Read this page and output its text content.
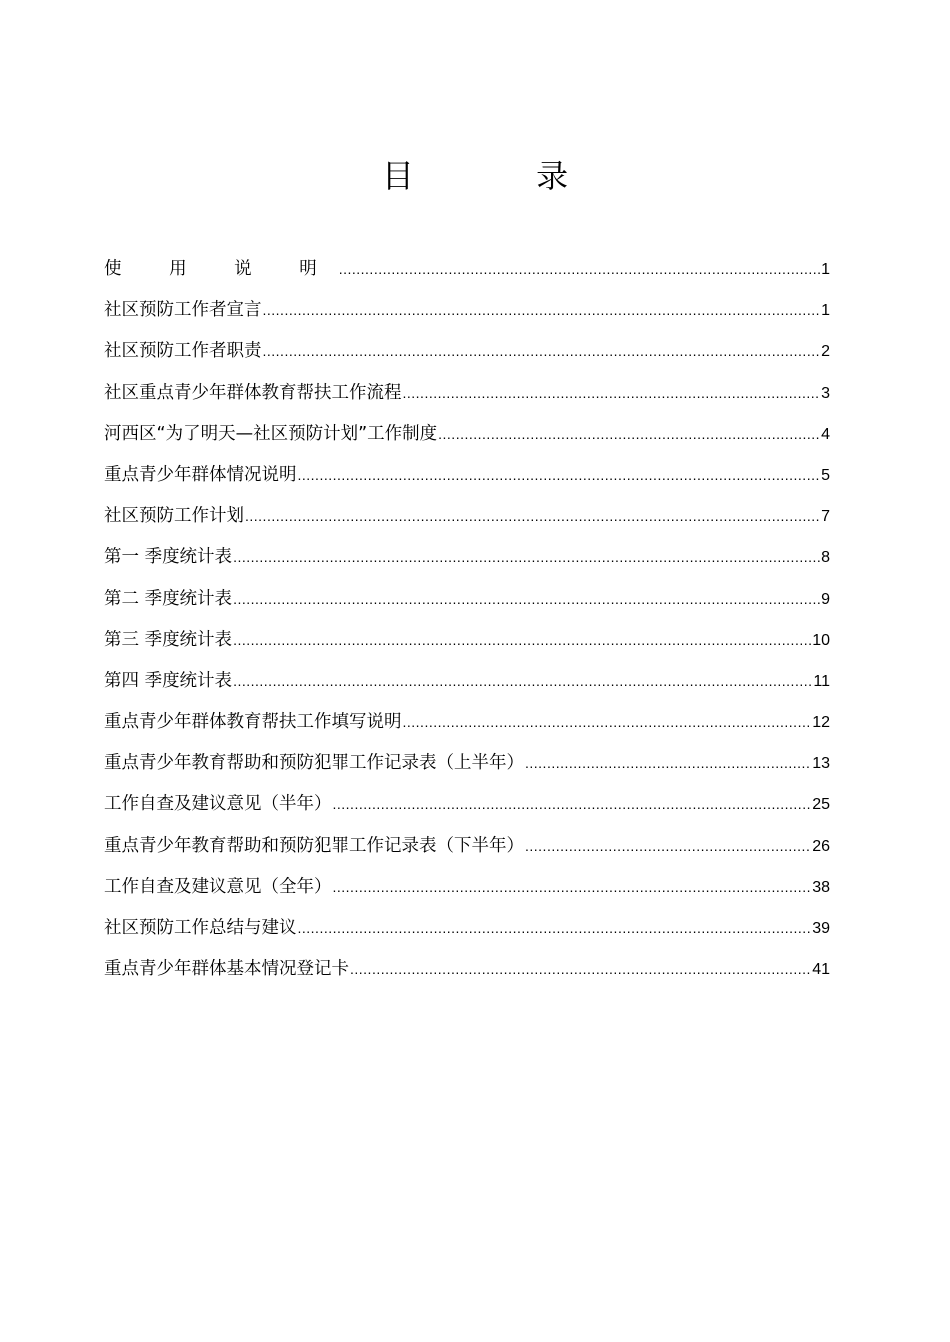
目 录
使 用 说 明 .....	1
社区预防工作者宣言 .....	1
社区预防工作者职责 .....	2
社区重点青少年群体教育帮扶工作流程 .....	3
河西区“为了明天—社区预防计划”工作制度 .....	4
重点青少年群体情况说明 .....	5
社区预防工作计划 .....	7
第一 季度统计表 .....	8
第二 季度统计表 .....	9
第三 季度统计表 .....	10
第四 季度统计表 .....	11
重点青少年群体教育帮扶工作填写说明 .....	12
重点青少年教育帮助和预防犯罪工作记录表（上半年） .....	13
工作自查及建议意见（半年） .....	25
重点青少年教育帮助和预防犯罪工作记录表（下半年） .....	26
工作自查及建议意见（全年） .....	38
社区预防工作总结与建议 .....	39
重点青少年群体基本情况登记卡 .....	41
